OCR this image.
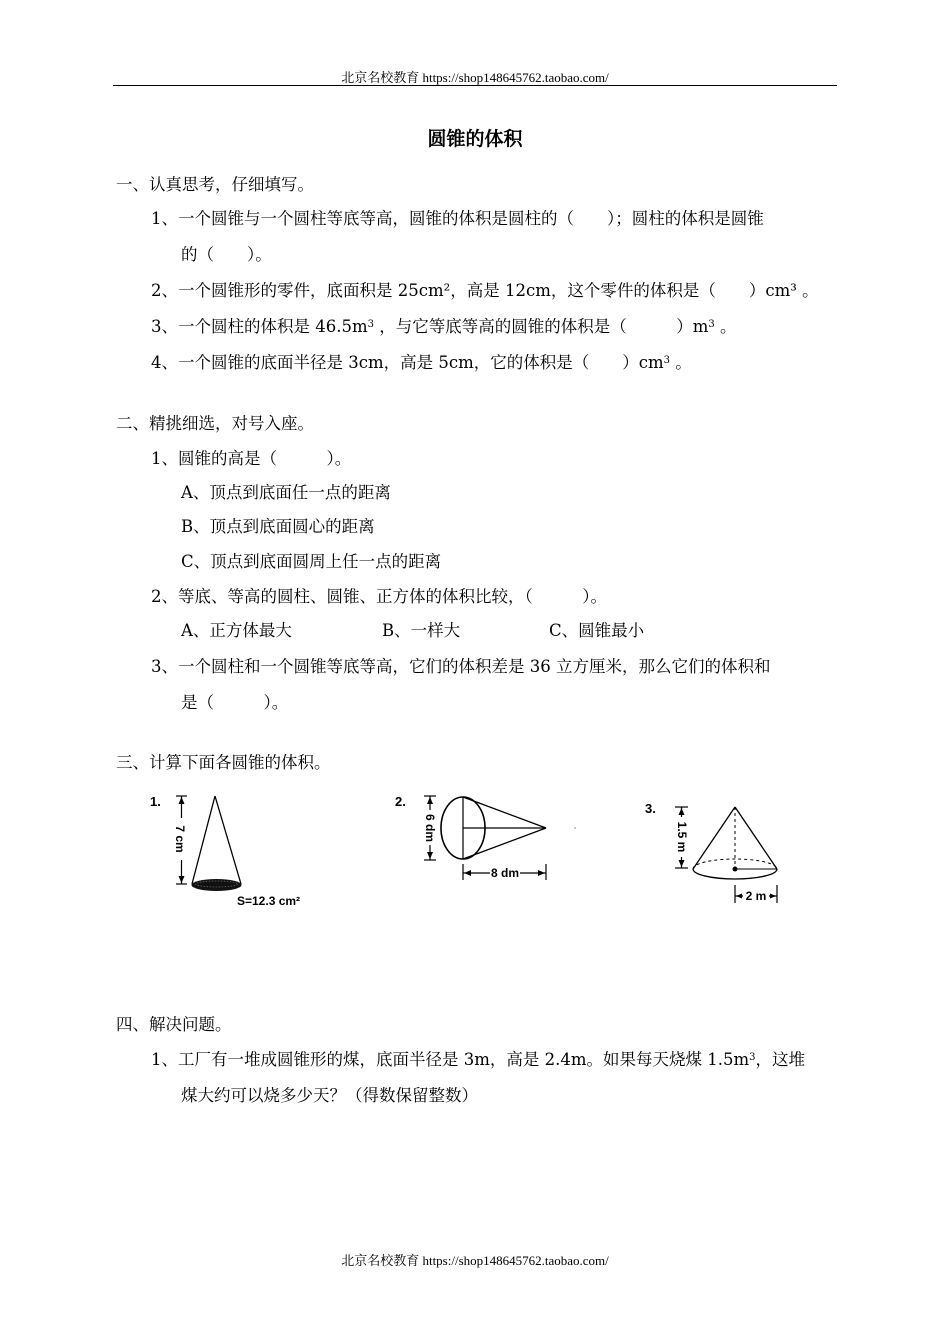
北京名校教育 https://shop148645762.taobao.com/
圆锥的体积
一、认真思考，仔细填写。
1、一个圆锥与一个圆柱等底等高，圆锥的体积是圆柱的（　　）；圆柱的体积是圆锥
的（　　）。
2、一个圆锥形的零件，底面积是 25cm²，高是 12cm，这个零件的体积是（　　）cm³ 。
3、一个圆柱的体积是 $46.5m^3$ ，与它等底等高的圆锥的体积是（　　　）$m^3$ 。
4、一个圆锥的底面半径是 3cm，高是 5cm，它的体积是（　　）$cm^3$ 。
二、精挑细选，对号入座。
1、圆锥的高是（　　　）。
A、顶点到底面任一点的距离
B、顶点到底面圆心的距离
C、顶点到底面圆周上任一点的距离
2、等底、等高的圆柱、圆锥、正方体的体积比较，（　　　）。
A、正方体最大	B、一样大	C、圆锥最小
3、一个圆柱和一个圆锥等底等高，它们的体积差是 36 立方厘米，那么它们的体积和
是（　　　）。
三、计算下面各圆锥的体积。
1.
7 cm
S=12.3 cm²
2.
6 dm
8 dm
3.
1.5 m
2 m
四、解决问题。
1、工厂有一堆成圆锥形的煤，底面半径是 3m，高是 2.4m。如果每天烧煤 $1.5m^3$，这堆
煤大约可以烧多少天？（得数保留整数）
北京名校教育 https://shop148645762.taobao.com/
